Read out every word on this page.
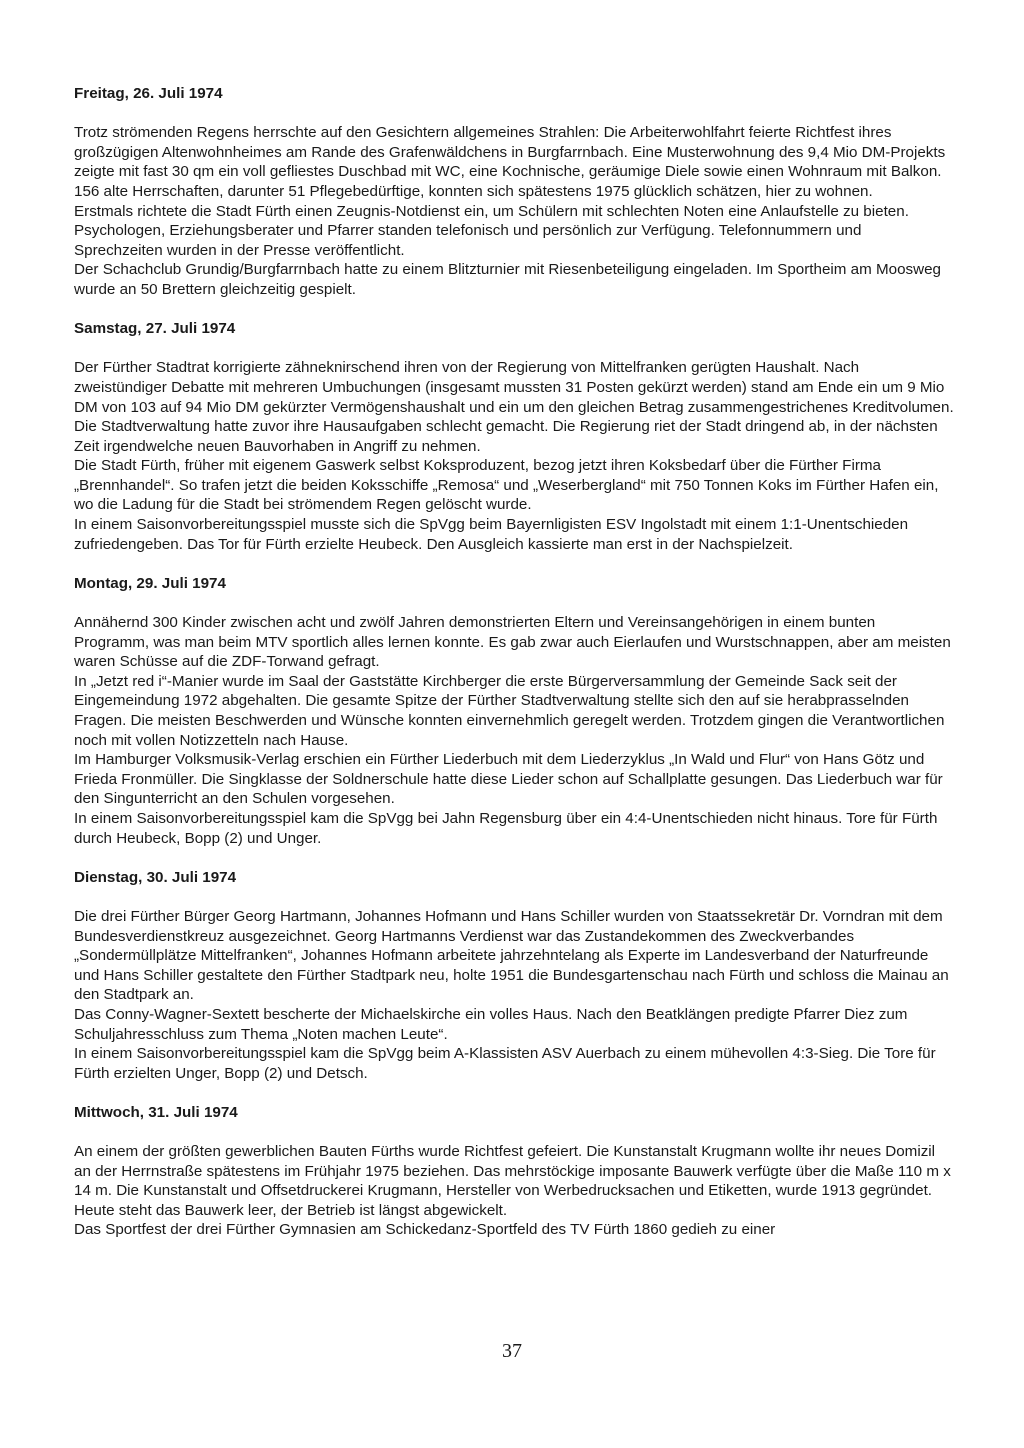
Freitag, 26. Juli 1974

Trotz strömenden Regens herrschte auf den Gesichtern allgemeines Strahlen: Die Arbeiterwohlfahrt feierte Richtfest ihres großzügigen Altenwohnheimes am Rande des Grafenwäldchens in Burgfarrnbach. Eine Musterwohnung des 9,4 Mio DM-Projekts zeigte mit fast 30 qm ein voll gefliestes Duschbad mit WC, eine Kochnische, geräumige Diele sowie einen Wohnraum mit Balkon. 156 alte Herrschaften, darunter 51 Pflegebedürftige, konnten sich spätestens 1975 glücklich schätzen, hier zu wohnen.

Erstmals richtete die Stadt Fürth einen Zeugnis-Notdienst ein, um Schülern mit schlechten Noten eine Anlaufstelle zu bieten. Psychologen, Erziehungsberater und Pfarrer standen telefonisch und persönlich zur Verfügung. Telefonnummern und Sprechzeiten wurden in der Presse veröffentlicht.

Der Schachclub Grundig/Burgfarrnbach hatte zu einem Blitzturnier mit Riesenbeteiligung eingeladen. Im Sportheim am Moosweg wurde an 50 Brettern gleichzeitig gespielt.

Samstag, 27. Juli 1974

Der Fürther Stadtrat korrigierte zähneknirschend ihren von der Regierung von Mittelfranken gerügten Haushalt. Nach zweistündiger Debatte mit mehreren Umbuchungen (insgesamt mussten 31 Posten gekürzt werden) stand am Ende ein um 9 Mio DM von 103 auf 94 Mio DM gekürzter Vermögenshaushalt und ein um den gleichen Betrag zusammengestrichenes Kreditvolumen. Die Stadtverwaltung hatte zuvor ihre Hausaufgaben schlecht gemacht. Die Regierung riet der Stadt dringend ab, in der nächsten Zeit irgendwelche neuen Bauvorhaben in Angriff zu nehmen.

Die Stadt Fürth, früher mit eigenem Gaswerk selbst Koksproduzent, bezog jetzt ihren Koksbedarf über die Fürther Firma „Brennhandel“. So trafen jetzt die beiden Koksschiffe „Remosa“ und „Weserbergland“ mit 750 Tonnen Koks im Fürther Hafen ein, wo die Ladung für die Stadt bei strömendem Regen gelöscht wurde.

In einem Saisonvorbereitungsspiel musste sich die SpVgg beim Bayernligisten ESV Ingolstadt mit einem 1:1-Unentschieden zufriedengeben. Das Tor für Fürth erzielte Heubeck. Den Ausgleich kassierte man erst in der Nachspielzeit.

Montag, 29. Juli 1974

Annähernd 300 Kinder zwischen acht und zwölf Jahren demonstrierten Eltern und Vereinsangehörigen in einem bunten Programm, was man beim MTV sportlich alles lernen konnte. Es gab zwar auch Eierlaufen und Wurstschnappen, aber am meisten waren Schüsse auf die ZDF-Torwand gefragt.

In „Jetzt red i“-Manier wurde im Saal der Gaststätte Kirchberger die erste Bürgerversammlung der Gemeinde Sack seit der Eingemeindung 1972 abgehalten. Die gesamte Spitze der Fürther Stadtverwaltung stellte sich den auf sie herabprasselnden Fragen. Die meisten Beschwerden und Wünsche konnten einvernehmlich geregelt werden. Trotzdem gingen die Verantwortlichen noch mit vollen Notizzetteln nach Hause.

Im Hamburger Volksmusik-Verlag erschien ein Fürther Liederbuch mit dem Liederzyklus „In Wald und Flur“ von Hans Götz und Frieda Fronmüller. Die Singklasse der Soldnerschule hatte diese Lieder schon auf Schallplatte gesungen. Das Liederbuch war für den Singunterricht an den Schulen vorgesehen.

In einem Saisonvorbereitungsspiel kam die SpVgg bei Jahn Regensburg über ein 4:4-Unentschieden nicht hinaus. Tore für Fürth durch Heubeck, Bopp (2) und Unger.

Dienstag, 30. Juli 1974

Die drei Fürther Bürger Georg Hartmann, Johannes Hofmann und Hans Schiller wurden von Staatssekretär Dr. Vorndran mit dem Bundesverdienstkreuz ausgezeichnet. Georg Hartmanns Verdienst war das Zustandekommen des Zweckverbandes „Sondermüllplätze Mittelfranken“, Johannes Hofmann arbeitete jahrzehntelang als Experte im Landesverband der Naturfreunde und Hans Schiller gestaltete den Fürther Stadtpark neu, holte 1951 die Bundesgartenschau nach Fürth und schloss die Mainau an den Stadtpark an.

Das Conny-Wagner-Sextett bescherte der Michaelskirche ein volles Haus. Nach den Beatklängen predigte Pfarrer Diez zum Schuljahresschluss zum Thema „Noten machen Leute“.

In einem Saisonvorbereitungsspiel kam die SpVgg beim A-Klassisten ASV Auerbach zu einem mühevollen 4:3-Sieg. Die Tore für Fürth erzielten Unger, Bopp (2) und Detsch.

Mittwoch, 31. Juli 1974

An einem der größten gewerblichen Bauten Fürths wurde Richtfest gefeiert. Die Kunstanstalt Krugmann wollte ihr neues Domizil an der Herrnstraße spätestens im Frühjahr 1975 beziehen. Das mehrstöckige imposante Bauwerk verfügte über die Maße 110 m x 14 m. Die Kunstanstalt und Offsetdruckerei Krugmann, Hersteller von Werbedrucksachen und Etiketten, wurde 1913 gegründet. Heute steht das Bauwerk leer, der Betrieb ist längst abgewickelt.

Das Sportfest der drei Fürther Gymnasien am Schickedanz-Sportfeld des TV Fürth 1860 gedieh zu einer

37
